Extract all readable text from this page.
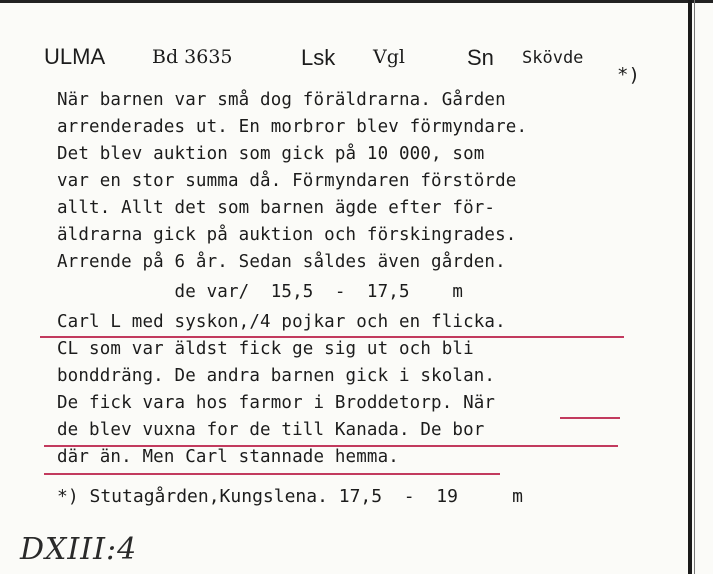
ULMA Bd 3635	Lsk Vgl	Sn Skövde
*)
När barnen var små dog föräldrarna. Gården
arrenderades ut. En morbror blev förmyndare.
Det blev auktion som gick på 10 000, som
var en stor summa då. Förmyndaren förstörde
allt. Allt det som barnen ägde efter för-
äldrarna gick på auktion och förskingrades.
Arrende på 6 år. Sedan såldes även gården.
de var/  15,5  -  17,5    m
Carl L med syskon,/4 pojkar och en flicka.
CL som var äldst fick ge sig ut och bli
bonddräng. De andra barnen gick i skolan.
De fick vara hos farmor i Broddetorp. När
de blev vuxna for de till Kanada. De bor
där än. Men Carl stannade hemma.
*) Stutagården,Kungslena. 17,5  -  19     m
DXIII:4
